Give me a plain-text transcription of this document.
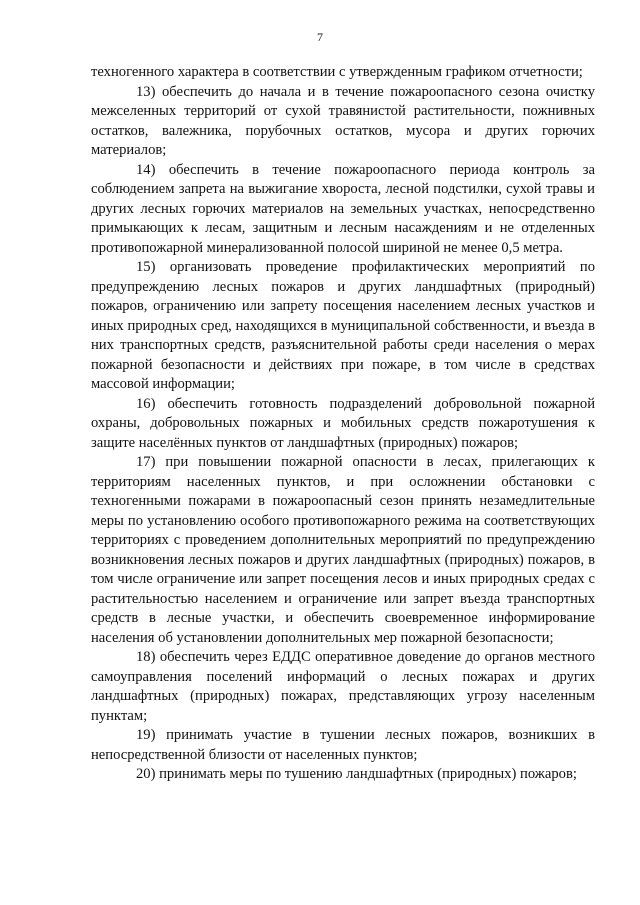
7

техногенного характера в соответствии с утвержденным графиком отчетности;

13) обеспечить до начала и в течение пожароопасного сезона очистку межселенных территорий от сухой травянистой растительности, пожнивных остатков, валежника, порубочных остатков, мусора и других горючих материалов;

14) обеспечить в течение пожароопасного периода контроль за соблюдением запрета на выжигание хвороста, лесной подстилки, сухой травы и других лесных горючих материалов на земельных участках, непосредственно примыкающих к лесам, защитным и лесным насаждениям и не отделенных противопожарной минерализованной полосой шириной не менее 0,5 метра.

15) организовать проведение профилактических мероприятий по предупреждению лесных пожаров и других ландшафтных (природный) пожаров, ограничению или запрету посещения населением лесных участков и иных природных сред, находящихся в муниципальной собственности, и въезда в них транспортных средств, разъяснительной работы среди населения о мерах пожарной безопасности и действиях при пожаре, в том числе в средствах массовой информации;

16) обеспечить готовность подразделений добровольной пожарной охраны, добровольных пожарных и мобильных средств пожаротушения к защите населённых пунктов от ландшафтных (природных) пожаров;

17) при повышении пожарной опасности в лесах, прилегающих к территориям населенных пунктов, и при осложнении обстановки с техногенными пожарами в пожароопасный сезон принять незамедлительные меры по установлению особого противопожарного режима на соответствующих территориях с проведением дополнительных мероприятий по предупреждению возникновения лесных пожаров и других ландшафтных (природных) пожаров, в том числе ограничение или запрет посещения лесов и иных природных средах с растительностью населением и ограничение или запрет въезда транспортных средств в лесные участки, и обеспечить своевременное информирование населения об установлении дополнительных мер пожарной безопасности;

18) обеспечить через ЕДДС оперативное доведение до органов местного самоуправления поселений информаций о лесных пожарах и других ландшафтных (природных) пожарах, представляющих угрозу населенным пунктам;

19) принимать участие в тушении лесных пожаров, возникших в непосредственной близости от населенных пунктов;

20) принимать меры по тушению ландшафтных (природных) пожаров;
